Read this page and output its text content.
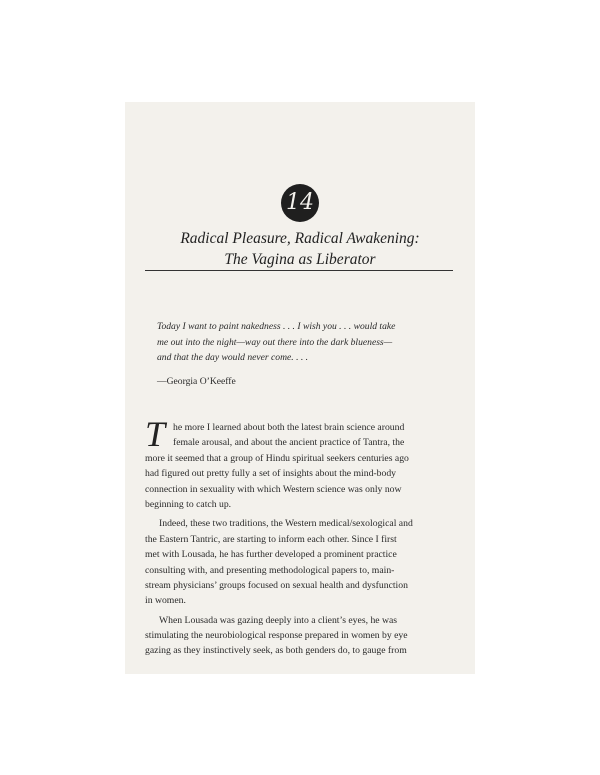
14
Radical Pleasure, Radical Awakening:
The Vagina as Liberator
Today I want to paint nakedness . . . I wish you . . . would take
me out into the night—way out there into the dark blueness—
and that the day would never come. . . .
—Georgia O’Keeffe
T he more I learned about both the latest brain science around
female arousal, and about the ancient practice of Tantra, the
more it seemed that a group of Hindu spiritual seekers centuries ago
had figured out pretty fully a set of insights about the mind-body
connection in sexuality with which Western science was only now
beginning to catch up.
Indeed, these two traditions, the Western medical/sexological and
the Eastern Tantric, are starting to inform each other. Since I first
met with Lousada, he has further developed a prominent practice
consulting with, and presenting methodological papers to, main-
stream physicians’ groups focused on sexual health and dysfunction
in women.
When Lousada was gazing deeply into a client’s eyes, he was
stimulating the neurobiological response prepared in women by eye
gazing as they instinctively seek, as both genders do, to gauge from
